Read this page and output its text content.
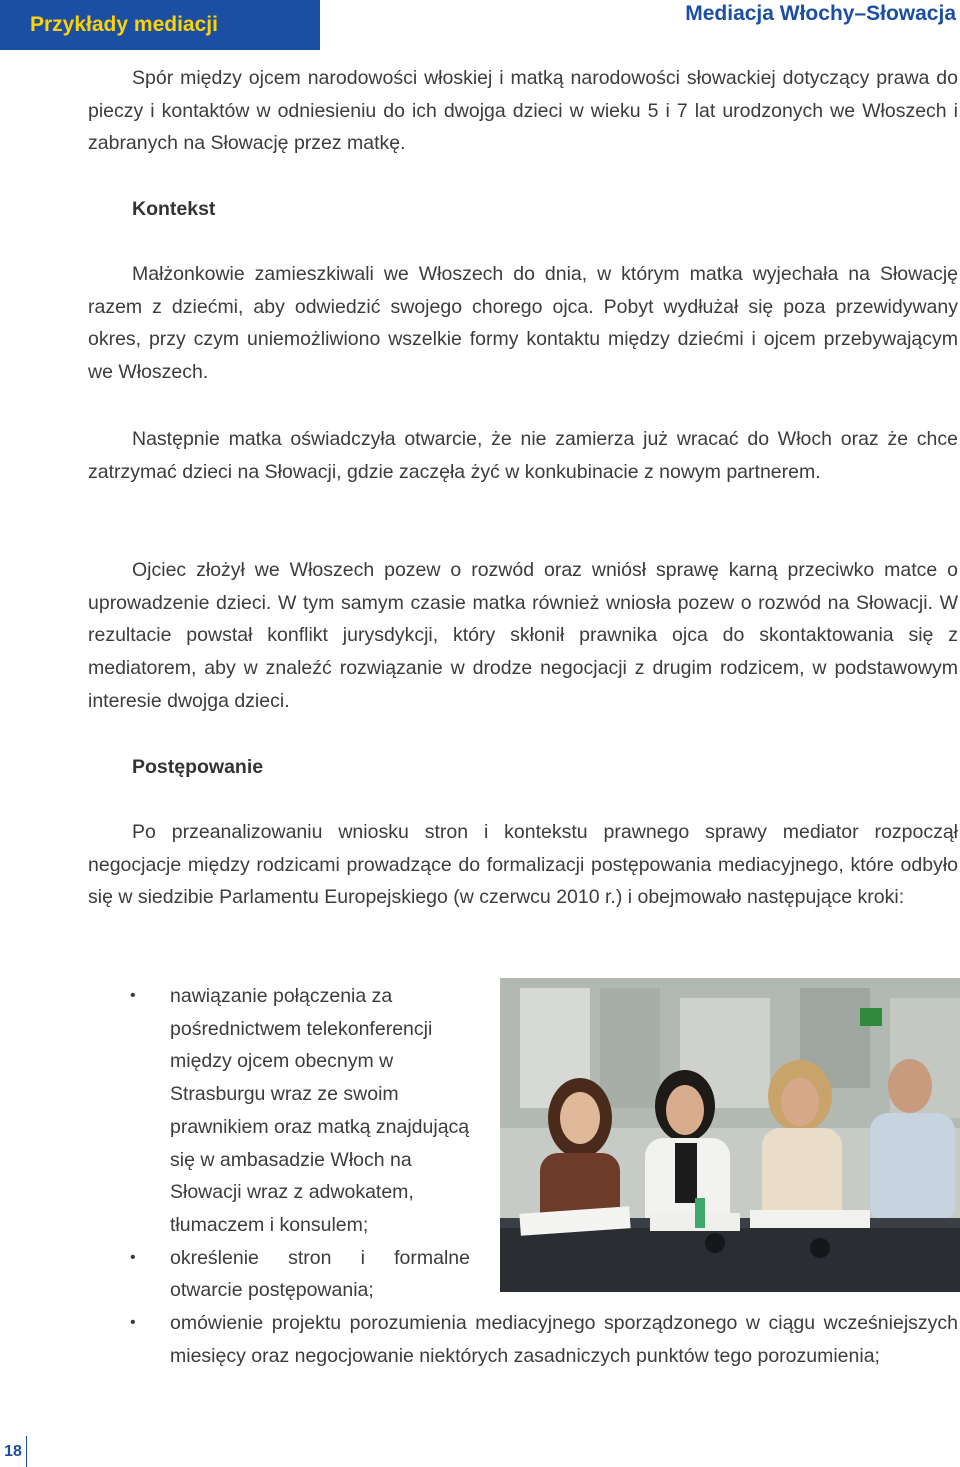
Przykłady mediacji	Mediacja Włochy–Słowacja

Spór między ojcem narodowości włoskiej i matką narodowości słowackiej dotyczący prawa do pieczy i kontaktów w odniesieniu do ich dwojga dzieci w wieku 5 i 7 lat urodzonych we Włoszech i zabranych na Słowację przez matkę.

Kontekst

Małżonkowie zamieszkiwali we Włoszech do dnia, w którym matka wyjechała na Słowację razem z dziećmi, aby odwiedzić swojego chorego ojca. Pobyt wydłużał się poza przewidywany okres, przy czym uniemożliwiono wszelkie formy kontaktu między dziećmi i ojcem przebywającym we Włoszech.

Następnie matka oświadczyła otwarcie, że nie zamierza już wracać do Włoch oraz że chce zatrzymać dzieci na Słowacji, gdzie zaczęła żyć w konkubinacie z nowym partnerem.

Ojciec złożył we Włoszech pozew o rozwód oraz wniósł sprawę karną przeciwko matce o uprowadzenie dzieci. W tym samym czasie matka również wniosła pozew o rozwód na Słowacji. W rezultacie powstał konflikt jurysdykcji, który skłonił prawnika ojca do skontaktowania się z mediatorem, aby w znaleźć rozwiązanie w drodze negocjacji z drugim rodzicem, w podstawowym interesie dwojga dzieci.

Postępowanie

Po przeanalizowaniu wniosku stron i kontekstu prawnego sprawy mediator rozpoczął negocjacje między rodzicami prowadzące do formalizacji postępowania mediacyjnego, które odbyło się w siedzibie Parlamentu Europejskiego (w czerwcu 2010 r.) i obejmowało następujące kroki:

• nawiązanie połączenia za pośrednictwem telekonferencji między ojcem obecnym w Strasburgu wraz ze swoim prawnikiem oraz matką znajdującą się w ambasadzie Włoch na Słowacji wraz z adwokatem, tłumaczem i konsulem;
• określenie stron i formalne otwarcie postępowania;
• omówienie projektu porozumienia mediacyjnego sporządzonego w ciągu wcześniejszych miesięcy oraz negocjowanie niektórych zasadniczych punktów tego porozumienia;
18
